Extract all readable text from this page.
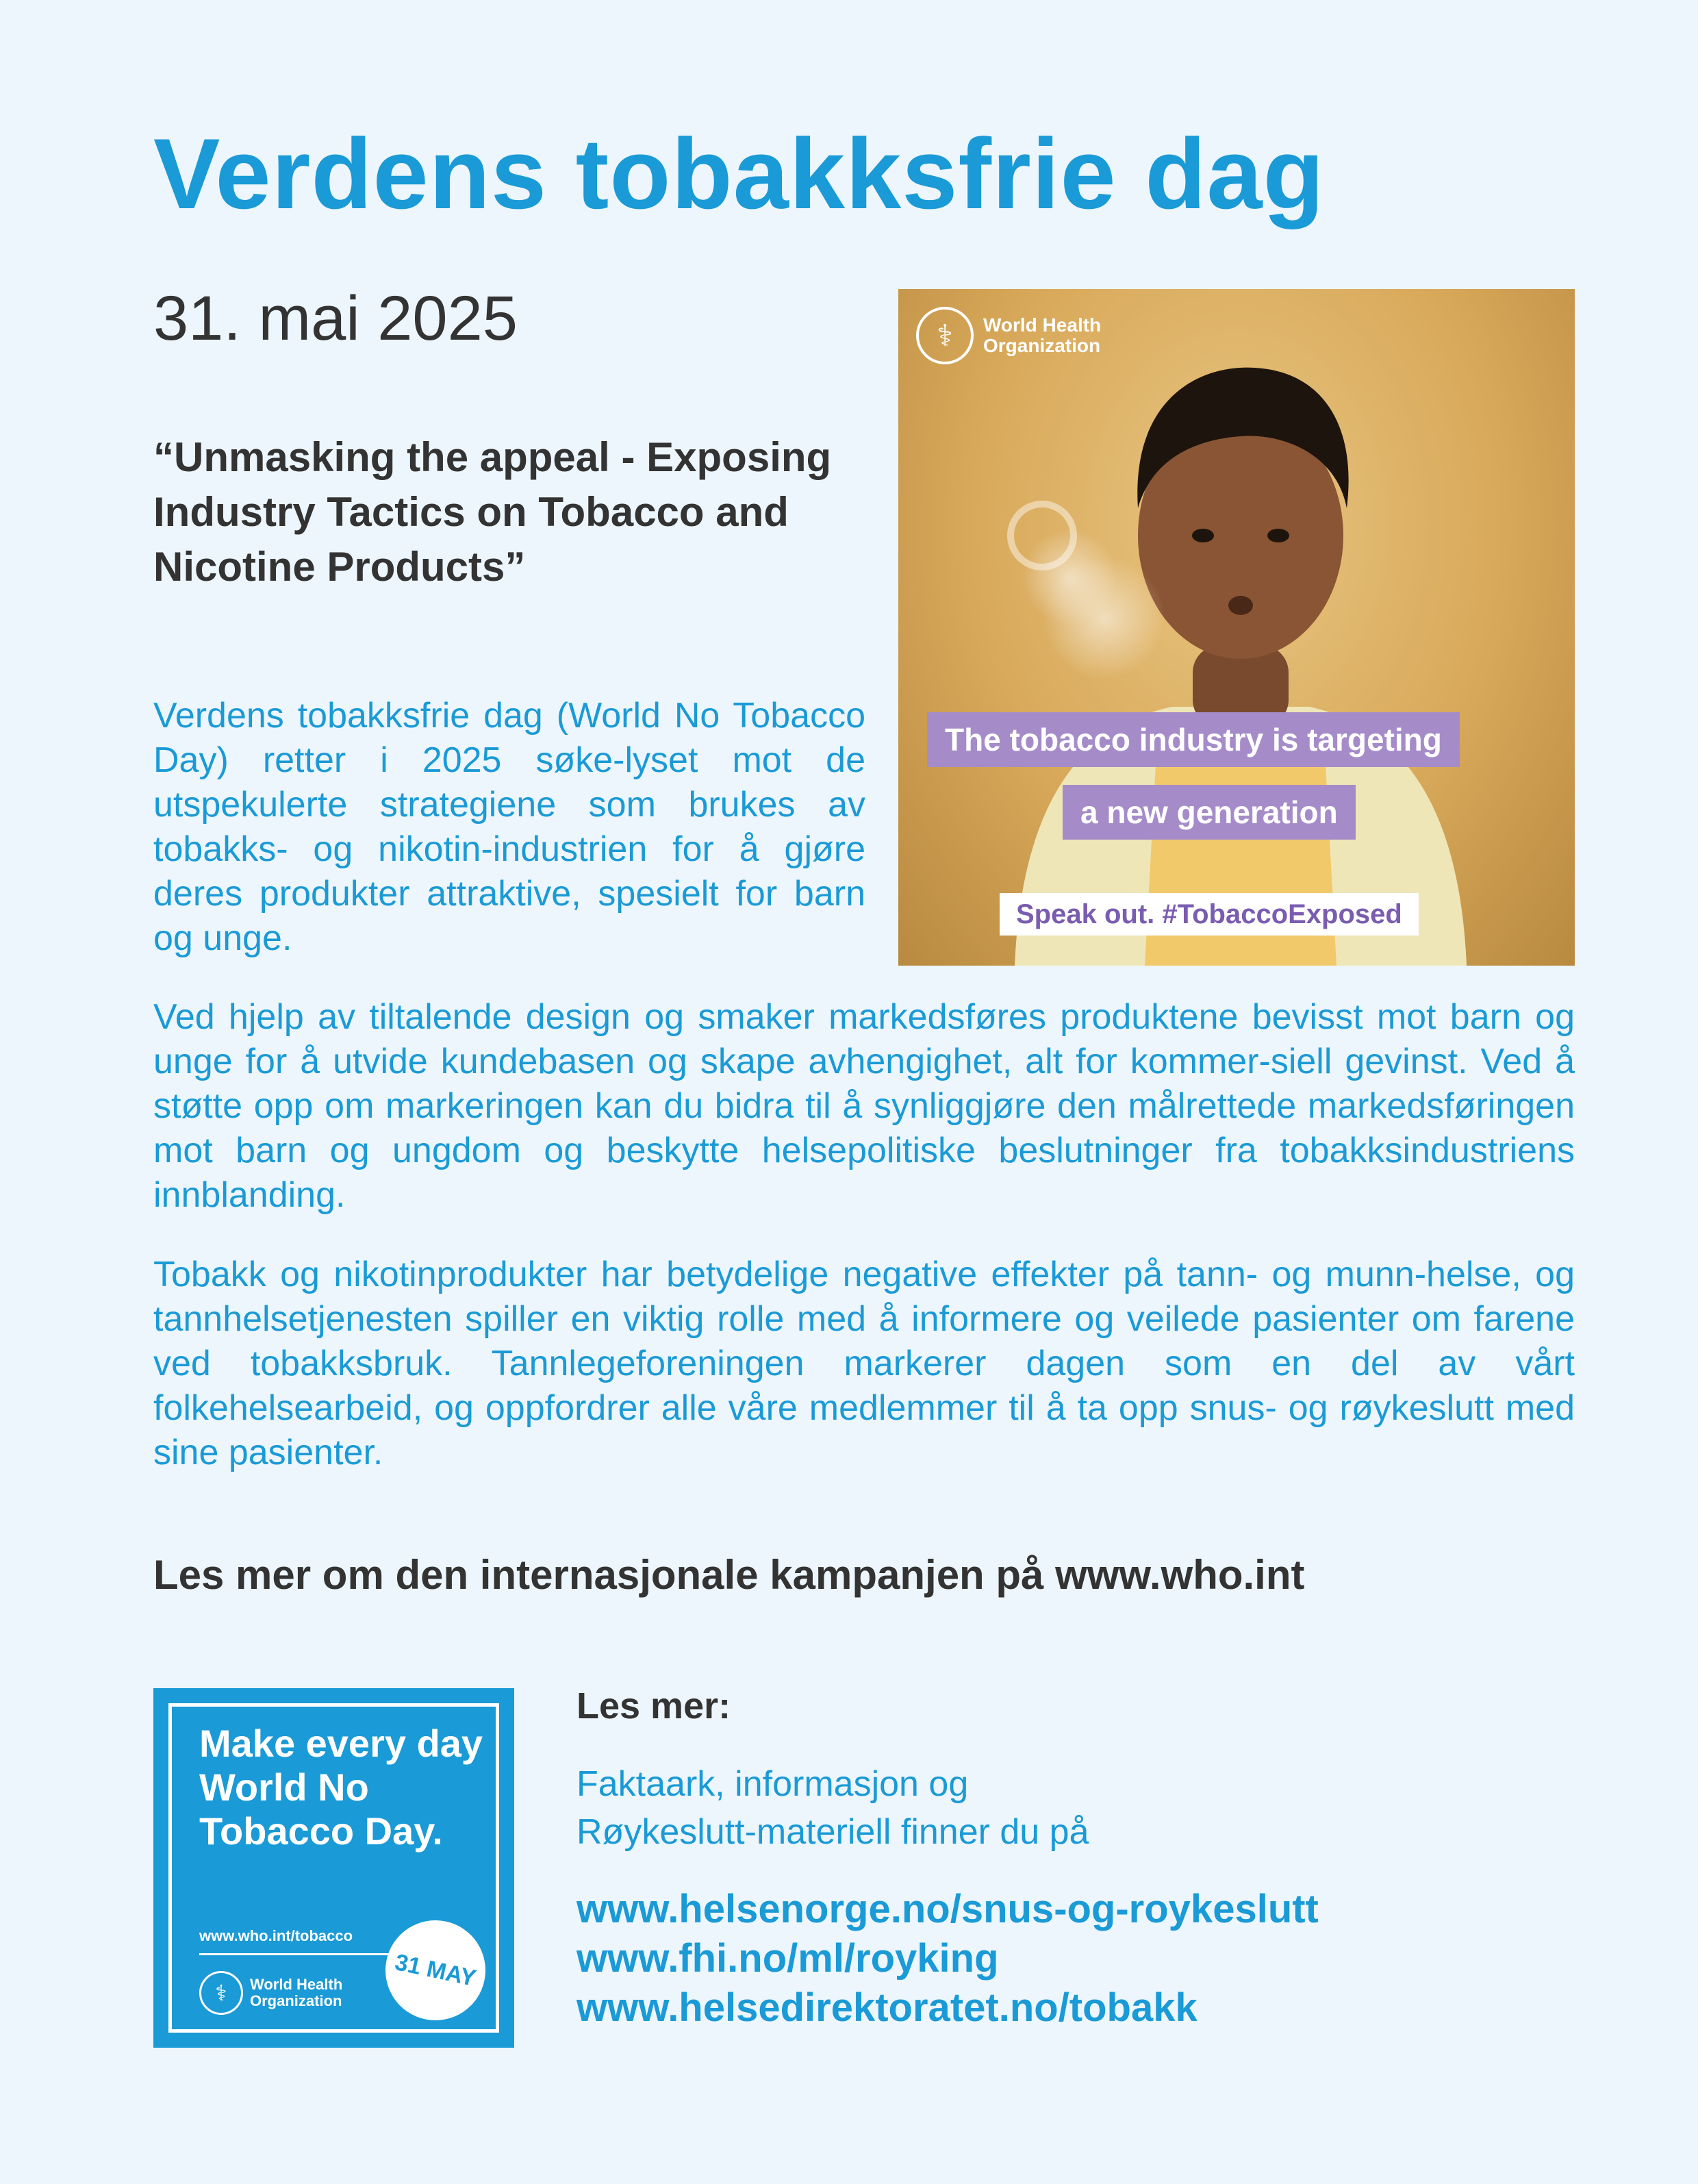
Verdens tobakksfrie dag
31. mai 2025
“Unmasking the appeal - Exposing Industry Tactics on Tobacco and Nicotine Products”

Verdens tobakksfrie dag (World No Tobacco Day) retter i 2025 søke-lyset mot de utspekulerte strategiene som brukes av tobakks- og nikotin-industrien for å gjøre deres produkter attraktive, spesielt for barn og unge.

⚕	World Health
Organization
The tobacco industry is targeting
a new generation
Speak out. #TobaccoExposed

Ved hjelp av tiltalende design og smaker markedsføres produktene bevisst mot barn og unge for å utvide kundebasen og skape avhengighet, alt for kommer-siell gevinst. Ved å støtte opp om markeringen kan du bidra til å synliggjøre den målrettede markedsføringen mot barn og ungdom og beskytte helsepolitiske beslutninger fra tobakksindustriens innblanding.

Tobakk og nikotinprodukter har betydelige negative effekter på tann- og munn-helse, og tannhelsetjenesten spiller en viktig rolle med å informere og veilede pasienter om farene ved tobakksbruk. Tannlegeforeningen markerer dagen som en del av vårt folkehelsearbeid, og oppfordrer alle våre medlemmer til å ta opp snus- og røykeslutt med sine pasienter.

Les mer om den internasjonale kampanjen på www.who.int
Make every day World No Tobacco Day.
www.who.int/tobacco
⚕	World Health
Organization
31 MAY
Les mer:

Faktaark, informasjon og
Røykeslutt-materiell finner du på

www.helsenorge.no/snus-og-roykeslutt
www.fhi.no/ml/royking
www.helsedirektoratet.no/tobakk
